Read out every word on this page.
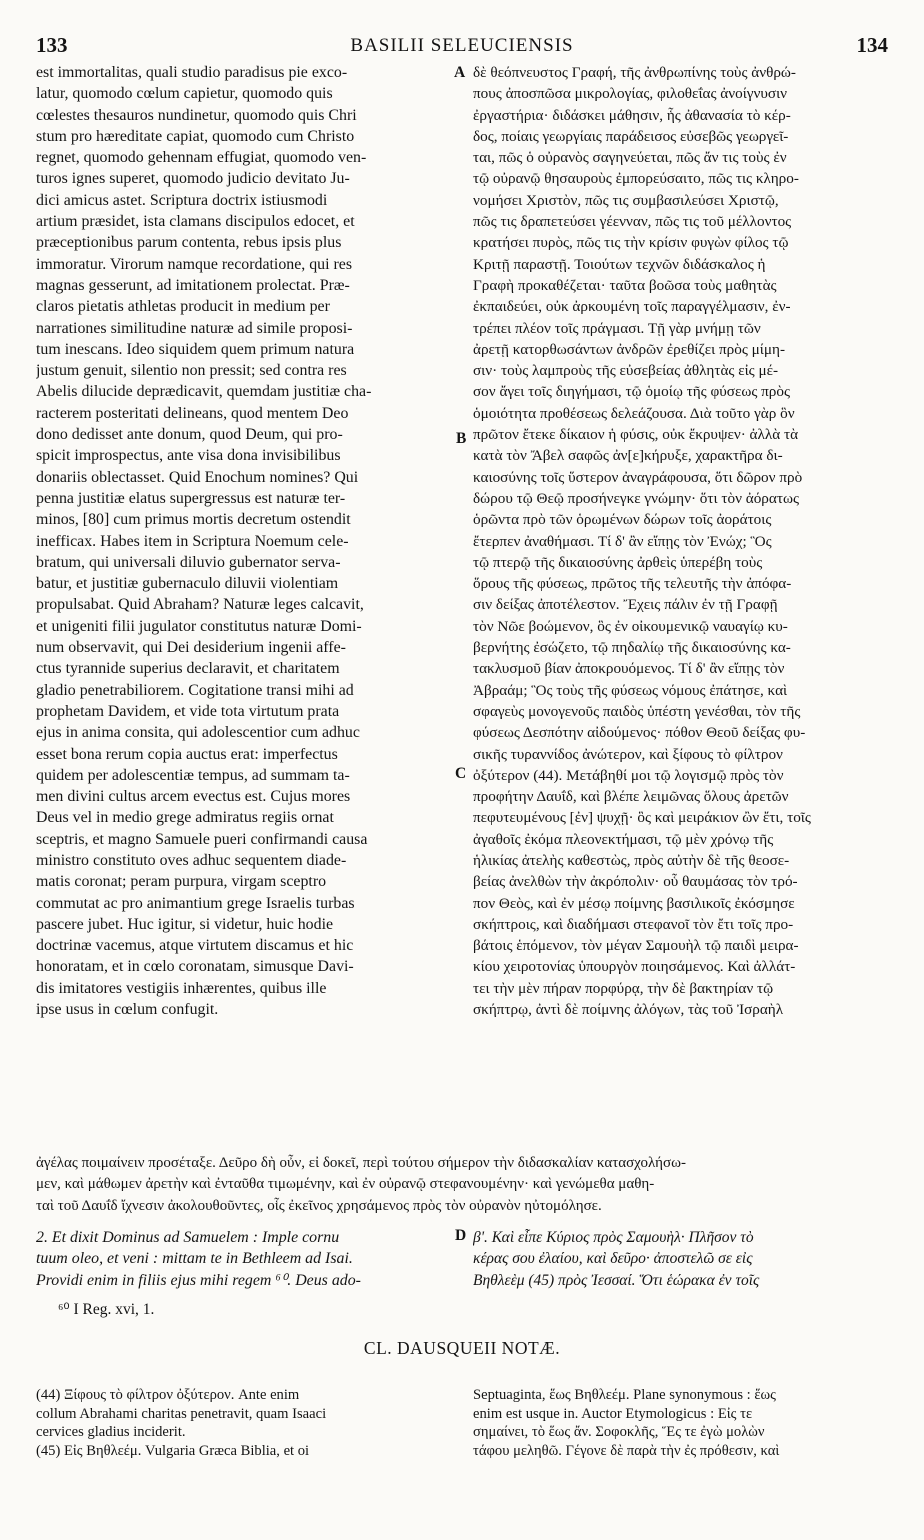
133	BASILII SELEUCIENSIS	134
est immortalitas, quali studio paradisus pie exco-
latur, quomodo cœlum capietur, quomodo quis
cœlestes thesauros nundinetur, quomodo quis Chri
stum pro hæreditate capiat, quomodo cum Christo
regnet, quomodo gehennam effugiat, quomodo ven-
turos ignes superet, quomodo judicio devitato Ju-
dici amicus astet. Scriptura doctrix istiusmodi
artium præsidet, ista clamans discipulos edocet, et
præceptionibus parum contenta, rebus ipsis plus
immoratur. Virorum namque recordatione, qui res
magnas gesserunt, ad imitationem prolectat. Præ-
claros pietatis athletas producit in medium per
narrationes similitudine naturæ ad simile proposi-
tum inescans. Ideo siquidem quem primum natura
justum genuit, silentio non pressit; sed contra res
Abelis dilucide deprædicavit, quemdam justitiæ cha-
racterem posteritati delineans, quod mentem Deo
dono dedisset ante donum, quod Deum, qui pro-
spicit improspectus, ante visa dona invisibilibus
donariis oblectasset. Quid Enochum nomines? Qui
penna justitiæ elatus supergressus est naturæ ter-
minos, [80] cum primus mortis decretum ostendit
inefficax. Habes item in Scriptura Noemum cele-
bratum, qui universali diluvio gubernator serva-
batur, et justitiæ gubernaculo diluvii violentiam
propulsabat. Quid Abraham? Naturæ leges calcavit,
et unigeniti filii jugulator constitutus naturæ Domi-
num observavit, qui Dei desiderium ingenii affe-
ctus tyrannide superius declaravit, et charitatem
gladio penetrabiliorem. Cogitatione transi mihi ad
prophetam Davidem, et vide tota virtutum prata
ejus in anima consita, qui adolescentior cum adhuc
esset bona rerum copia auctus erat: imperfectus
quidem per adolescentiæ tempus, ad summam ta-
men divini cultus arcem evectus est. Cujus mores
Deus vel in medio grege admiratus regiis ornat
sceptris, et magno Samuele pueri confirmandi causa
ministro constituto oves adhuc sequentem diade-
matis coronat; peram purpura, virgam sceptro
commutat ac pro animantium grege Israelis turbas
pascere jubet. Huc igitur, si videtur, huic hodie
doctrinæ vacemus, atque virtutem discamus et hic
honoratam, et in cœlo coronatam, simusque Davi-
dis imitatores vestigiis inhærentes, quibus ille
ipse usus in cœlum confugit.
δὲ θεόπνευστος Γραφή, τῆς ἀνθρωπίνης τοὺς ἀνθρώ-
πους ἀποσπῶσα μικρολογίας, φιλοθεΐας ἀνοίγνυσιν
ἐργαστήρια· διδάσκει μάθησιν, ἧς ἀθανασία τὸ κέρ-
δος, ποίαις γεωργίαις παράδεισος εὐσεβῶς γεωργεῖ-
ται, πῶς ὁ οὐρανὸς σαγηνεύεται, πῶς ἄν τις τοὺς ἐν
τῷ οὐρανῷ θησαυροὺς ἐμπορεύσαιτο, πῶς τις κληρο-
νομήσει Χριστὸν, πῶς τις συμβασιλεύσει Χριστῷ,
πῶς τις δραπετεύσει γέενναν, πῶς τις τοῦ μέλλοντος
κρατήσει πυρὸς, πῶς τις τὴν κρίσιν φυγὼν φίλος τῷ
Κριτῇ παραστῇ. Τοιούτων τεχνῶν διδάσκαλος ἡ
Γραφὴ προκαθέζεται· ταῦτα βοῶσα τοὺς μαθητὰς
ἐκπαιδεύει, οὐκ ἀρκουμένη τοῖς παραγγέλμασιν, ἐν-
τρέπει πλέον τοῖς πράγμασι. Τῇ γὰρ μνήμῃ τῶν
ἀρετῇ κατορθωσάντων ἀνδρῶν ἐρεθίζει πρὸς μίμη-
σιν· τοὺς λαμπροὺς τῆς εὐσεβείας ἀθλητὰς εἰς μέ-
σον ἄγει τοῖς διηγήμασι, τῷ ὁμοίῳ τῆς φύσεως πρὸς
ὁμοιότητα προθέσεως δελεάζουσα. Διὰ τοῦτο γὰρ ὃν
πρῶτον ἔτεκε δίκαιον ἡ φύσις, οὐκ ἔκρυψεν· ἀλλὰ τὰ
κατὰ τὸν Ἄβελ σαφῶς ἀν[ε]κήρυξε, χαρακτῆρα δι-
καιοσύνης τοῖς ὕστερον ἀναγράφουσα, ὅτι δῶρον πρὸ
δώρου τῷ Θεῷ προσήνεγκε γνώμην· ὅτι τὸν ἀόρατως
ὁρῶντα πρὸ τῶν ὁρωμένων δώρων τοῖς ἀοράτοις
ἔτερπεν ἀναθήμασι. Τί δ' ἂν εἴπῃς τὸν Ἐνώχ; Ὃς
τῷ πτερῷ τῆς δικαιοσύνης ἀρθεὶς ὑπερέβη τοὺς
ὅρους τῆς φύσεως, πρῶτος τῆς τελευτῆς τὴν ἀπόφα-
σιν δείξας ἀποτέλεστον. Ἔχεις πάλιν ἐν τῇ Γραφῇ
τὸν Νῶε βοώμενον, ὃς ἐν οἰκουμενικῷ ναυαγίῳ κυ-
βερνήτης ἐσώζετο, τῷ πηδαλίῳ τῆς δικαιοσύνης κα-
τακλυσμοῦ βίαν ἀποκρουόμενος. Τί δ' ἂν εἴπῃς τὸν
Ἀβραάμ; Ὃς τοὺς τῆς φύσεως νόμους ἐπάτησε, καὶ
σφαγεὺς μονογενοῦς παιδὸς ὑπέστη γενέσθαι, τὸν τῆς
φύσεως Δεσπότην αἰδούμενος· πόθον Θεοῦ δείξας φυ-
σικῆς τυραννίδος ἀνώτερον, καὶ ξίφους τὸ φίλτρον
ὀξύτερον (44). Μετάβηθί μοι τῷ λογισμῷ πρὸς τὸν
προφήτην Δαυΐδ, καὶ βλέπε λειμῶνας ὅλους ἀρετῶν
πεφυτευμένους [ἐν] ψυχῇ· ὃς καὶ μειράκιον ὢν ἔτι, τοῖς
ἀγαθοῖς ἐκόμα πλεονεκτήμασι, τῷ μὲν χρόνῳ τῆς
ἡλικίας ἀτελὴς καθεστὼς, πρὸς αὐτὴν δὲ τῆς θεοσε-
βείας ἀνελθὼν τὴν ἀκρόπολιν· οὗ θαυμάσας τὸν τρό-
πον Θεὸς, καὶ ἐν μέσῳ ποίμνης βασιλικοῖς ἐκόσμησε
σκήπτροις, καὶ διαδήμασι στεφανοῖ τὸν ἔτι τοῖς προ-
βάτοις ἑπόμενον, τὸν μέγαν Σαμουὴλ τῷ παιδὶ μειρα-
κίου χειροτονίας ὑπουργὸν ποιησάμενος. Καὶ ἀλλάτ-
τει τὴν μὲν πήραν πορφύρᾳ, τὴν δὲ βακτηρίαν τῷ
σκήπτρῳ, ἀντὶ δὲ ποίμνης ἀλόγων, τὰς τοῦ Ἰσραὴλ
A
B
C
D
ἀγέλας ποιμαίνειν προσέταξε. Δεῦρο δὴ οὖν, εἰ δοκεῖ, περὶ τούτου σήμερον τὴν διδασκαλίαν κατασχολήσω-
μεν, καὶ μάθωμεν ἀρετὴν καὶ ἐνταῦθα τιμωμένην, καὶ ἐν οὐρανῷ στεφανουμένην· καὶ γενώμεθα μαθη-
ταὶ τοῦ Δαυΐδ ἴχνεσιν ἀκολουθοῦντες, οἷς ἐκεῖνος χρησάμενος πρὸς τὸν οὐρανὸν ηὐτομόλησε.
2. Et dixit Dominus ad Samuelem : Imple cornu
tuum oleo, et veni : mittam te in Bethleem ad Isai.
Providi enim in filiis ejus mihi regem ⁶⁰. Deus ado-
β'. Καὶ εἶπε Κύριος πρὸς Σαμουὴλ· Πλῆσον τὸ
κέρας σου ἐλαίου, καὶ δεῦρο· ἀποστελῶ σε εἰς
Βηθλεὲμ (45) πρὸς Ἰεσσαί. Ὅτι ἑώρακα ἐν τοῖς
⁶⁰ I Reg. xvi, 1.
CL. DAUSQUEII NOTÆ.
(44) Ξίφους τὸ φίλτρον ὀξύτερον. Ante enim
collum Abrahami charitas penetravit, quam Isaaci
cervices gladius inciderit.
(45) Εἰς Βηθλεέμ. Vulgaria Græca Biblia, et oi
Septuaginta, ἕως Βηθλεέμ. Plane synonymous : ἕως
enim est usque in. Auctor Etymologicus : Εἰς τε
σημαίνει, τὸ ἕως ἄν. Σοφοκλῆς, Ἕς τε ἐγὼ μολὼν
τάφου μεληθῶ. Γέγονε δὲ παρὰ τὴν ἐς πρόθεσιν, καὶ
